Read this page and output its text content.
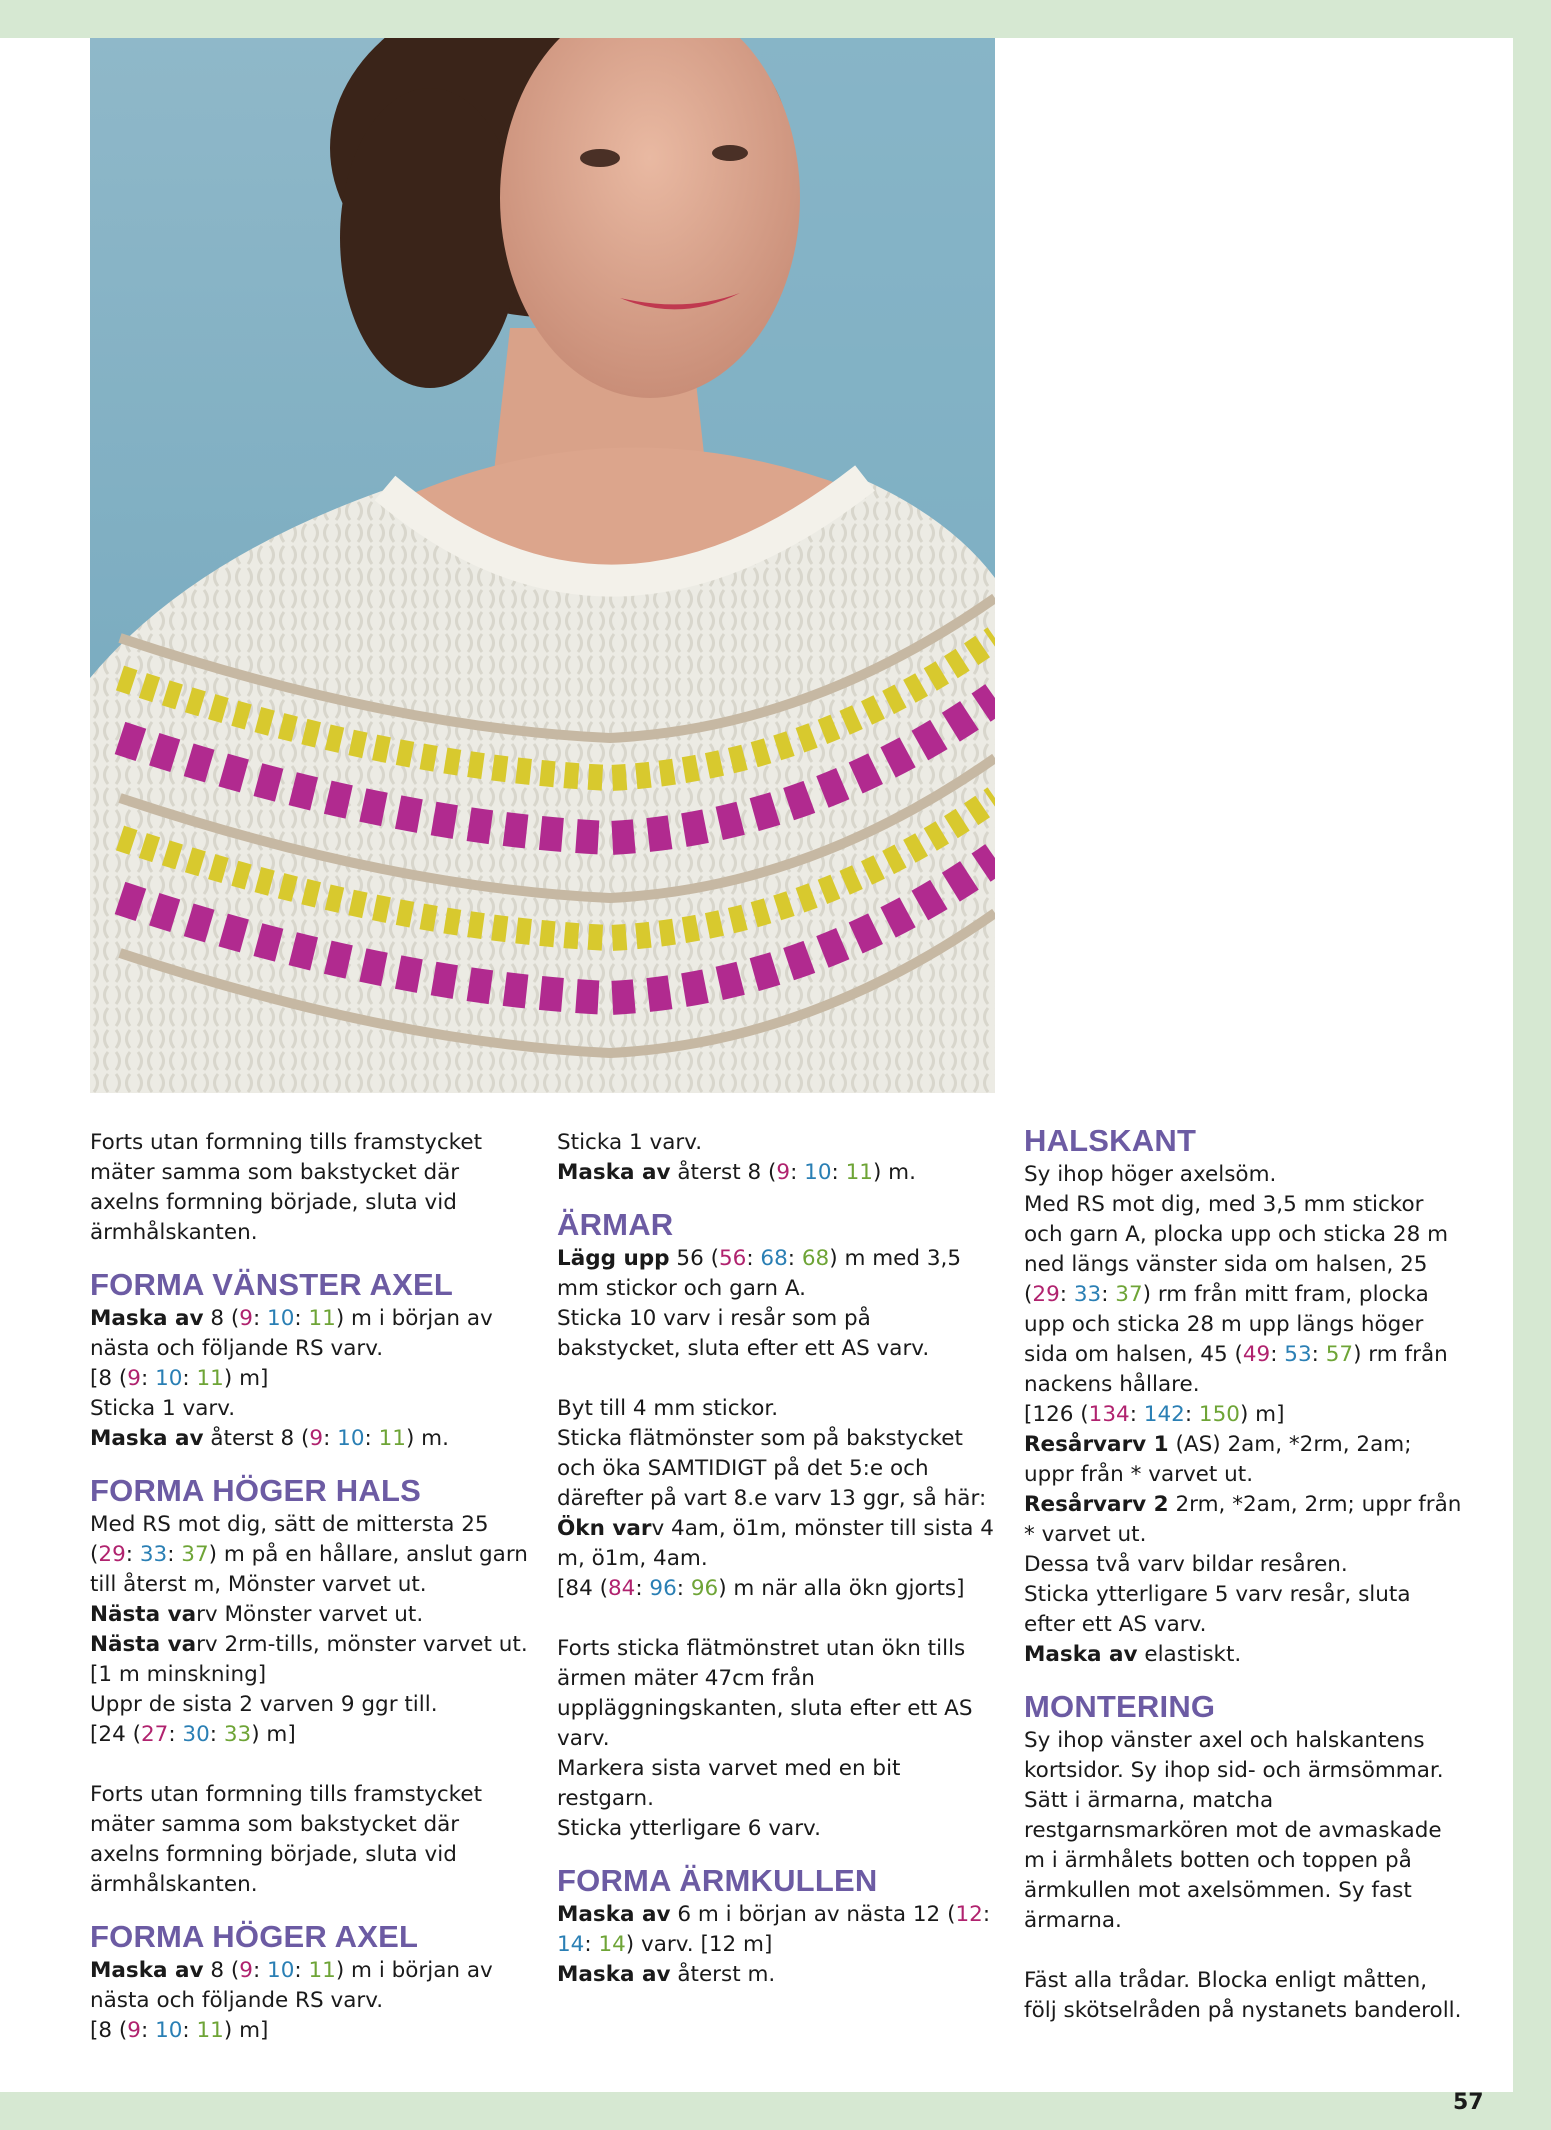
Forts utan formning tills framstycket mäter samma som bakstycket där axelns formning började, sluta vid ärmhålskanten.

FORMA VÄNSTER AXEL

Maska av 8 (9: 10: 11) m i början av nästa och följande RS varv.

[8 (9: 10: 11) m]

Sticka 1 varv.

Maska av återst 8 (9: 10: 11) m.

FORMA HÖGER HALS

Med RS mot dig, sätt de mittersta 25 (29: 33: 37) m på en hållare, anslut garn till återst m, Mönster varvet ut.

Nästa varv Mönster varvet ut.

Nästa varv 2rm-tills, mönster varvet ut.

[1 m minskning]

Uppr de sista 2 varven 9 ggr till.

[24 (27: 30: 33) m]

Forts utan formning tills framstycket mäter samma som bakstycket där axelns formning började, sluta vid ärmhålskanten.

FORMA HÖGER AXEL

Maska av 8 (9: 10: 11) m i början av nästa och följande RS varv.

[8 (9: 10: 11) m]

Sticka 1 varv.

Maska av återst 8 (9: 10: 11) m.

ÄRMAR

Lägg upp 56 (56: 68: 68) m med 3,5 mm stickor och garn A.

Sticka 10 varv i resår som på bakstycket, sluta efter ett AS varv.

Byt till 4 mm stickor.

Sticka flätmönster som på bakstycket och öka SAMTIDIGT på det 5:e och därefter på vart 8.e varv 13 ggr, så här:

Ökn varv 4am, ö1m, mönster till sista 4 m, ö1m, 4am.

[84 (84: 96: 96) m när alla ökn gjorts]

Forts sticka flätmönstret utan ökn tills ärmen mäter 47cm från uppläggningskanten, sluta efter ett AS varv.

Markera sista varvet med en bit restgarn.

Sticka ytterligare 6 varv.

FORMA ÄRMKULLEN

Maska av 6 m i början av nästa 12 (12: 14: 14) varv. [12 m]

Maska av återst m.

HALSKANT

Sy ihop höger axelsöm.

Med RS mot dig, med 3,5 mm stickor och garn A, plocka upp och sticka 28 m ned längs vänster sida om halsen, 25 (29: 33: 37) rm från mitt fram, plocka upp och sticka 28 m upp längs höger sida om halsen, 45 (49: 53: 57) rm från nackens hållare.

[126 (134: 142: 150) m]

Resårvarv 1 (AS) 2am, *2rm, 2am; uppr från * varvet ut.

Resårvarv 2 2rm, *2am, 2rm; uppr från * varvet ut.

Dessa två varv bildar resåren.

Sticka ytterligare 5 varv resår, sluta efter ett AS varv.

Maska av elastiskt.

MONTERING

Sy ihop vänster axel och halskantens kortsidor. Sy ihop sid- och ärmsömmar. Sätt i ärmarna, matcha restgarnsmarkören mot de avmaskade m i ärmhålets botten och toppen på ärmkullen mot axelsömmen. Sy fast ärmarna.

Fäst alla trådar. Blocka enligt måtten, följ skötselråden på nystanets banderoll.

57
